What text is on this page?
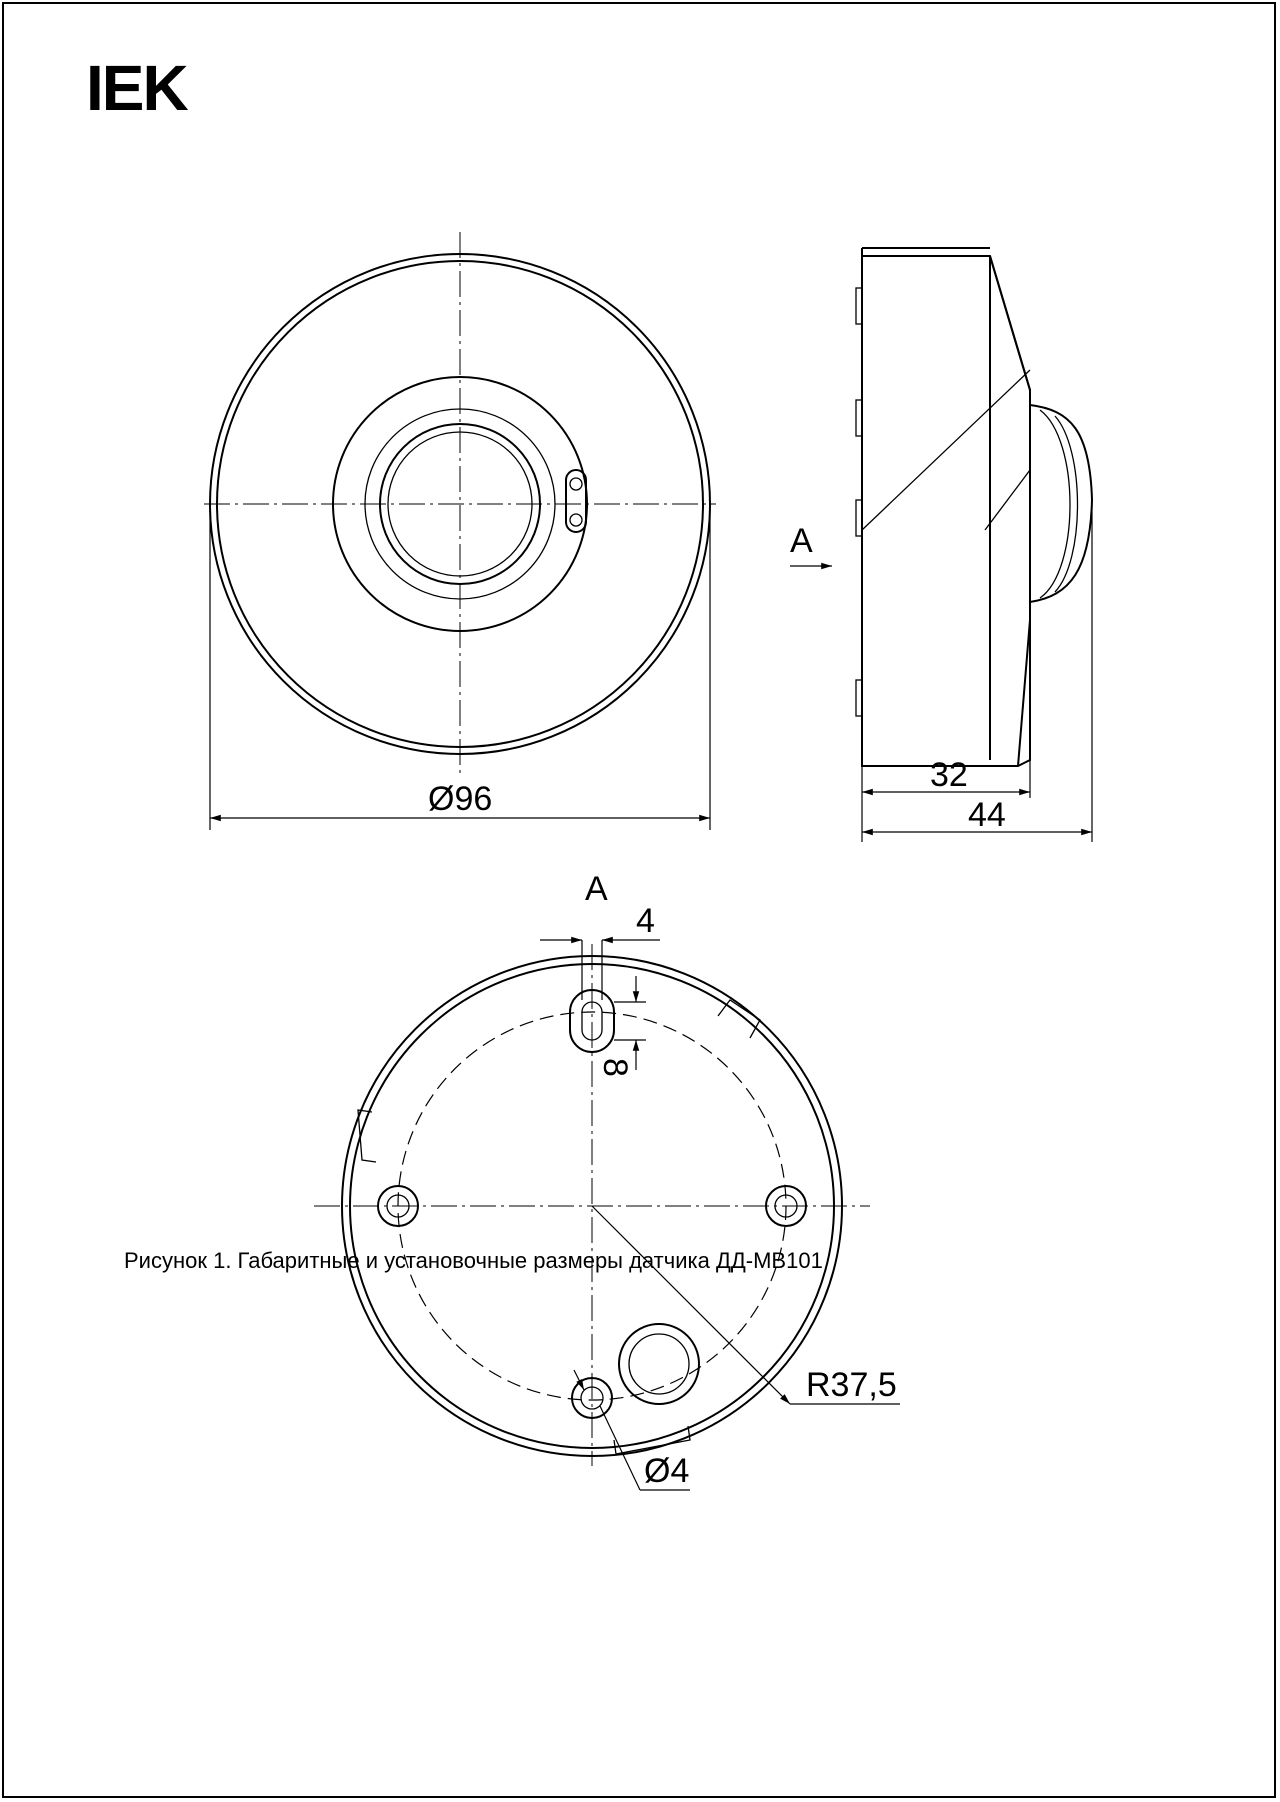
Ø96
A
32
44
R37,5
4
A
8
Ø4
IEK
Рисунок 1. Габаритные и установочные размеры датчика ДД-МВ101
